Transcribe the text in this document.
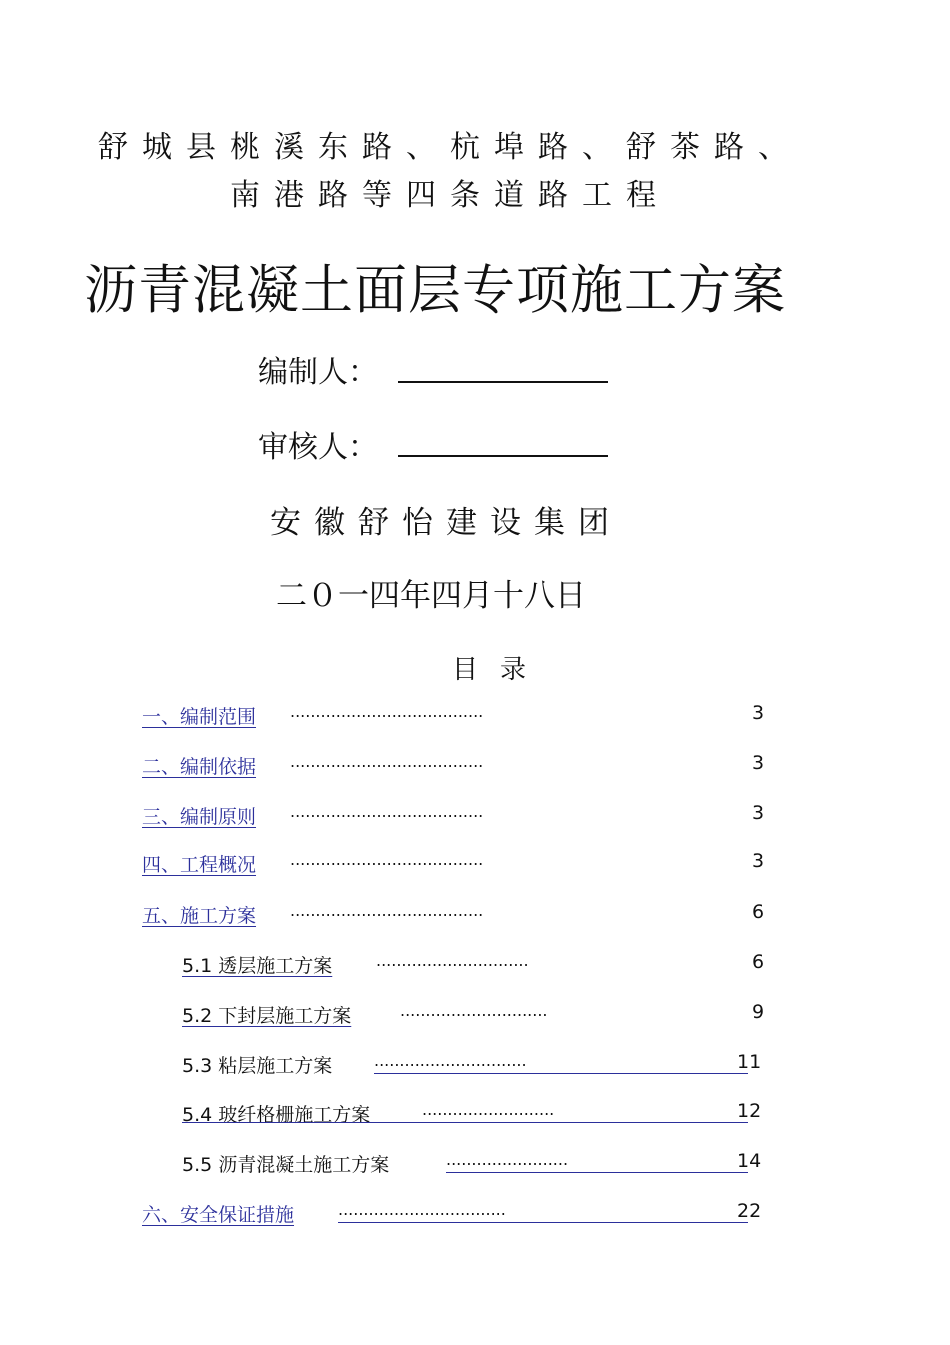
舒城县桃溪东路、杭埠路、舒茶路、
南港路等四条道路工程
沥青混凝土面层专项施工方案
编制人：
审核人：
安徽舒怡建设集团
二０一四年四月十八日
目录
一、编制范围 ......................................	3
二、编制依据 ......................................	3
三、编制原则 ......................................	3
四、工程概况 ......................................	3
五、施工方案 ......................................	6
5.1 透层施工方案	..............................	6
5.2 下封层施工方案	.............................	9
5.3 粘层施工方案	..............................	11
5.4 玻纤格栅施工方案	..........................	12
5.5 沥青混凝土施工方案	........................	14
六、安全保证措施	.................................	22
